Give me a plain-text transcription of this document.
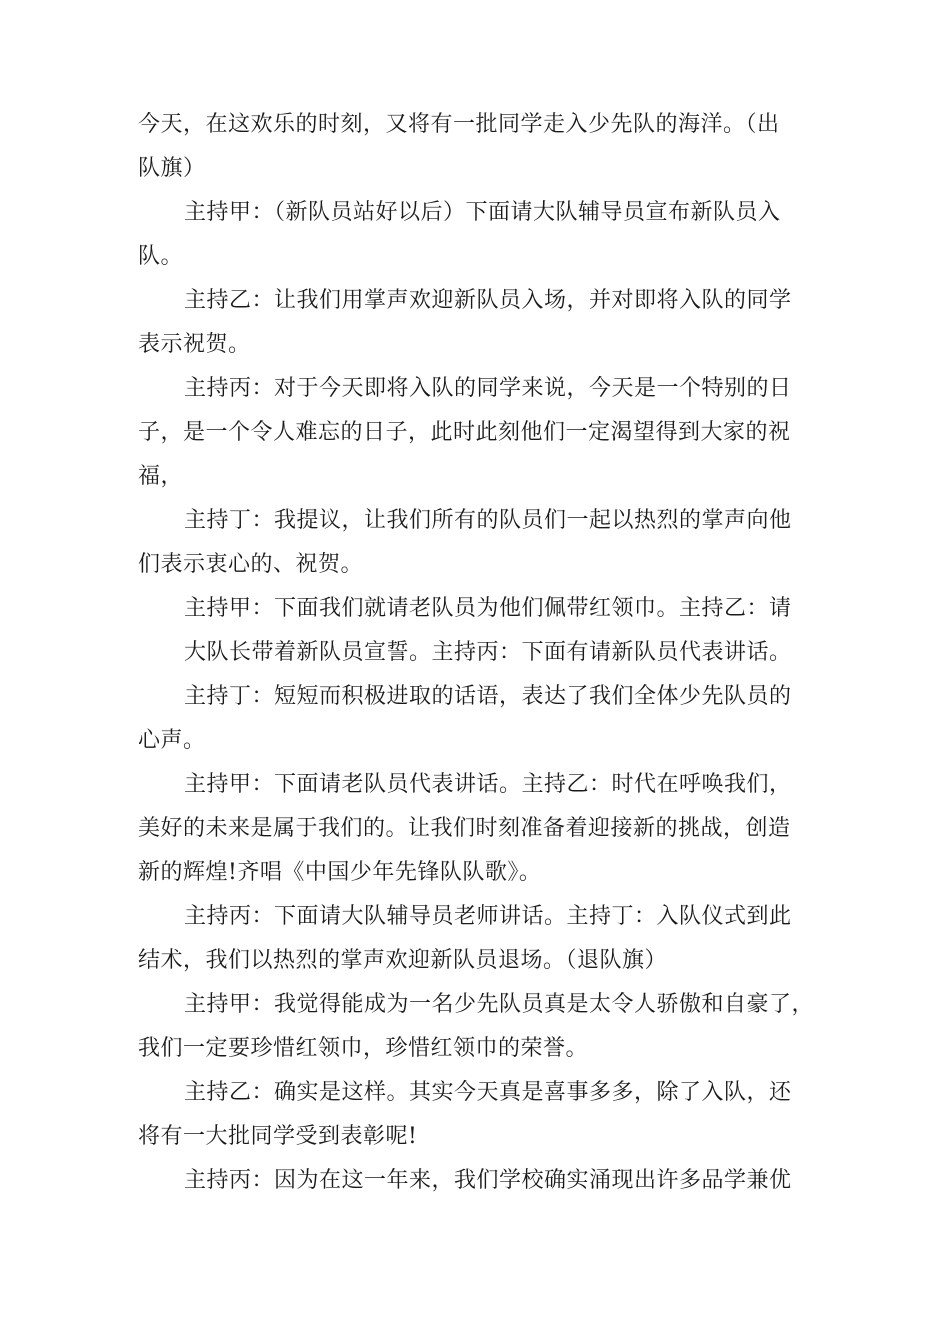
今天，在这欢乐的时刻，又将有一批同学走入少先队的海洋。（出
队旗）

主持甲：（新队员站好以后）下面请大队辅导员宣布新队员入
队。

主持乙：让我们用掌声欢迎新队员入场，并对即将入队的同学
表示祝贺。

主持丙：对于今天即将入队的同学来说，今天是一个特别的日
子，是一个令人难忘的日子，此时此刻他们一定渴望得到大家的祝
福，

主持丁：我提议，让我们所有的队员们一起以热烈的掌声向他
们表示衷心的、祝贺。

主持甲：下面我们就请老队员为他们佩带红领巾。主持乙：请
大队长带着新队员宣誓。主持丙：下面有请新队员代表讲话。

主持丁：短短而积极进取的话语，表达了我们全体少先队员的
心声。

主持甲：下面请老队员代表讲话。主持乙：时代在呼唤我们，
美好的未来是属于我们的。让我们时刻准备着迎接新的挑战，创造
新的辉煌!齐唱《中国少年先锋队队歌》。

主持丙：下面请大队辅导员老师讲话。主持丁：入队仪式到此
结术，我们以热烈的掌声欢迎新队员退场。（退队旗）

主持甲：我觉得能成为一名少先队员真是太令人骄傲和自豪了，
我们一定要珍惜红领巾，珍惜红领巾的荣誉。

主持乙：确实是这样。其实今天真是喜事多多，除了入队，还
将有一大批同学受到表彰呢!

主持丙：因为在这一年来，我们学校确实涌现出许多品学兼优
